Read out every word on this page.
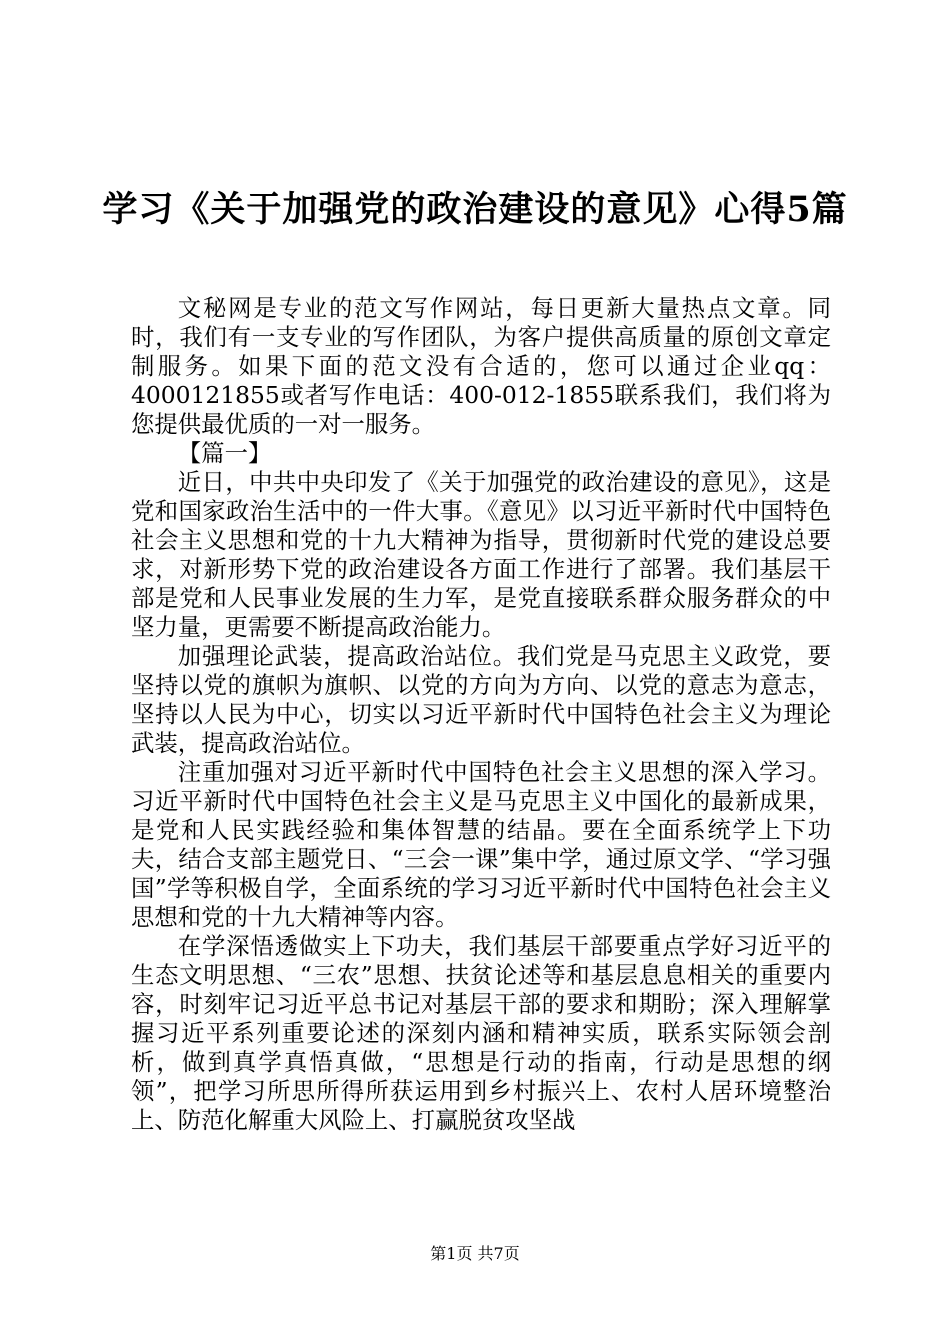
学习《关于加强党的政治建设的意见》心得5篇

文秘网是专业的范文写作网站，每日更新大量热点文章。同时，我们有一支专业的写作团队，为客户提供高质量的原创文章定制服务。如果下面的范文没有合适的，您可以通过企业qq：4000121855或者写作电话：400-012-1855联系我们，我们将为您提供最优质的一对一服务。

【篇一】

近日，中共中央印发了《关于加强党的政治建设的意见》，这是党和国家政治生活中的一件大事。《意见》以习近平新时代中国特色社会主义思想和党的十九大精神为指导，贯彻新时代党的建设总要求，对新形势下党的政治建设各方面工作进行了部署。我们基层干部是党和人民事业发展的生力军，是党直接联系群众服务群众的中坚力量，更需要不断提高政治能力。

加强理论武装，提高政治站位。我们党是马克思主义政党，要坚持以党的旗帜为旗帜、以党的方向为方向、以党的意志为意志，坚持以人民为中心，切实以习近平新时代中国特色社会主义为理论武装，提高政治站位。

注重加强对习近平新时代中国特色社会主义思想的深入学习。习近平新时代中国特色社会主义是马克思主义中国化的最新成果，是党和人民实践经验和集体智慧的结晶。要在全面系统学上下功夫，结合支部主题党日、“三会一课”集中学，通过原文学、“学习强国”学等积极自学，全面系统的学习习近平新时代中国特色社会主义思想和党的十九大精神等内容。

在学深悟透做实上下功夫，我们基层干部要重点学好习近平的生态文明思想、“三农”思想、扶贫论述等和基层息息相关的重要内容，时刻牢记习近平总书记对基层干部的要求和期盼；深入理解掌握习近平系列重要论述的深刻内涵和精神实质，联系实际领会剖析，做到真学真悟真做，“思想是行动的指南，行动是思想的纲领”，把学习所思所得所获运用到乡村振兴上、农村人居环境整治上、防范化解重大风险上、打赢脱贫攻坚战

第1页 共7页
